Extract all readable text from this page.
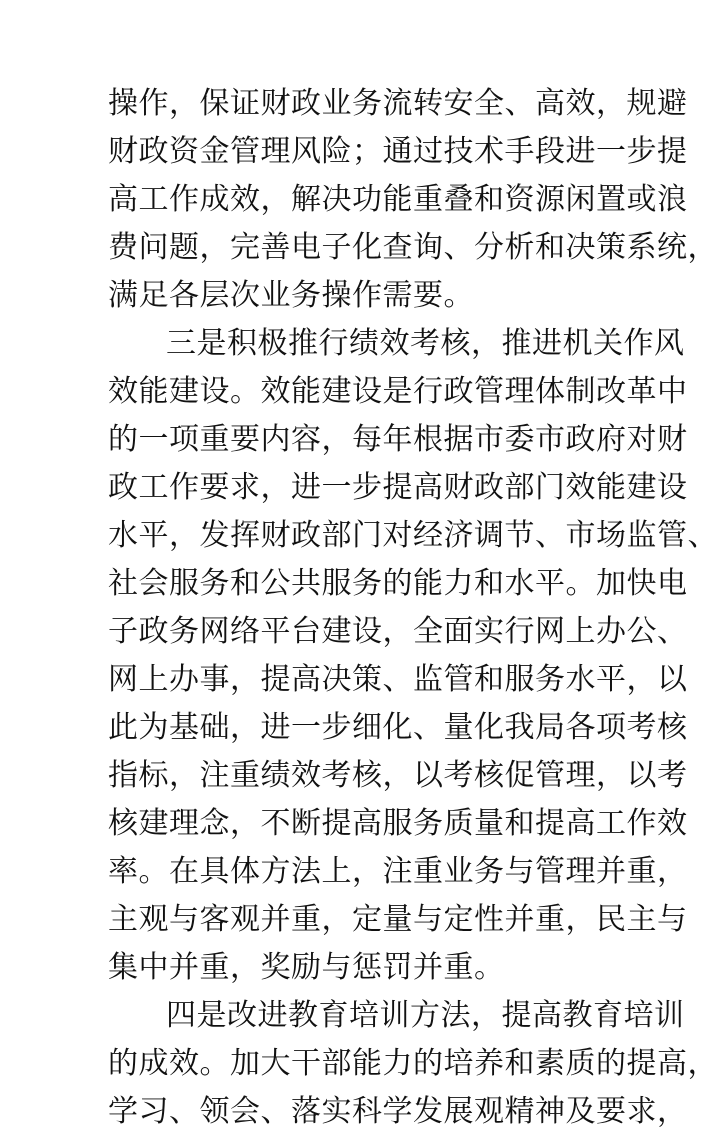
操作，保证财政业务流转安全、高效，规避
财政资金管理风险；通过技术手段进一步提
高工作成效，解决功能重叠和资源闲置或浪
费问题，完善电子化查询、分析和决策系统，
满足各层次业务操作需要。
三是积极推行绩效考核，推进机关作风
效能建设。效能建设是行政管理体制改革中
的一项重要内容，每年根据市委市政府对财
政工作要求，进一步提高财政部门效能建设
水平，发挥财政部门对经济调节、市场监管、
社会服务和公共服务的能力和水平。加快电
子政务网络平台建设，全面实行网上办公、
网上办事，提高决策、监管和服务水平，以
此为基础，进一步细化、量化我局各项考核
指标，注重绩效考核，以考核促管理，以考
核建理念，不断提高服务质量和提高工作效
率。在具体方法上，注重业务与管理并重，
主观与客观并重，定量与定性并重，民主与
集中并重，奖励与惩罚并重。
四是改进教育培训方法，提高教育培训
的成效。加大干部能力的培养和素质的提高，
学习、领会、落实科学发展观精神及要求，
